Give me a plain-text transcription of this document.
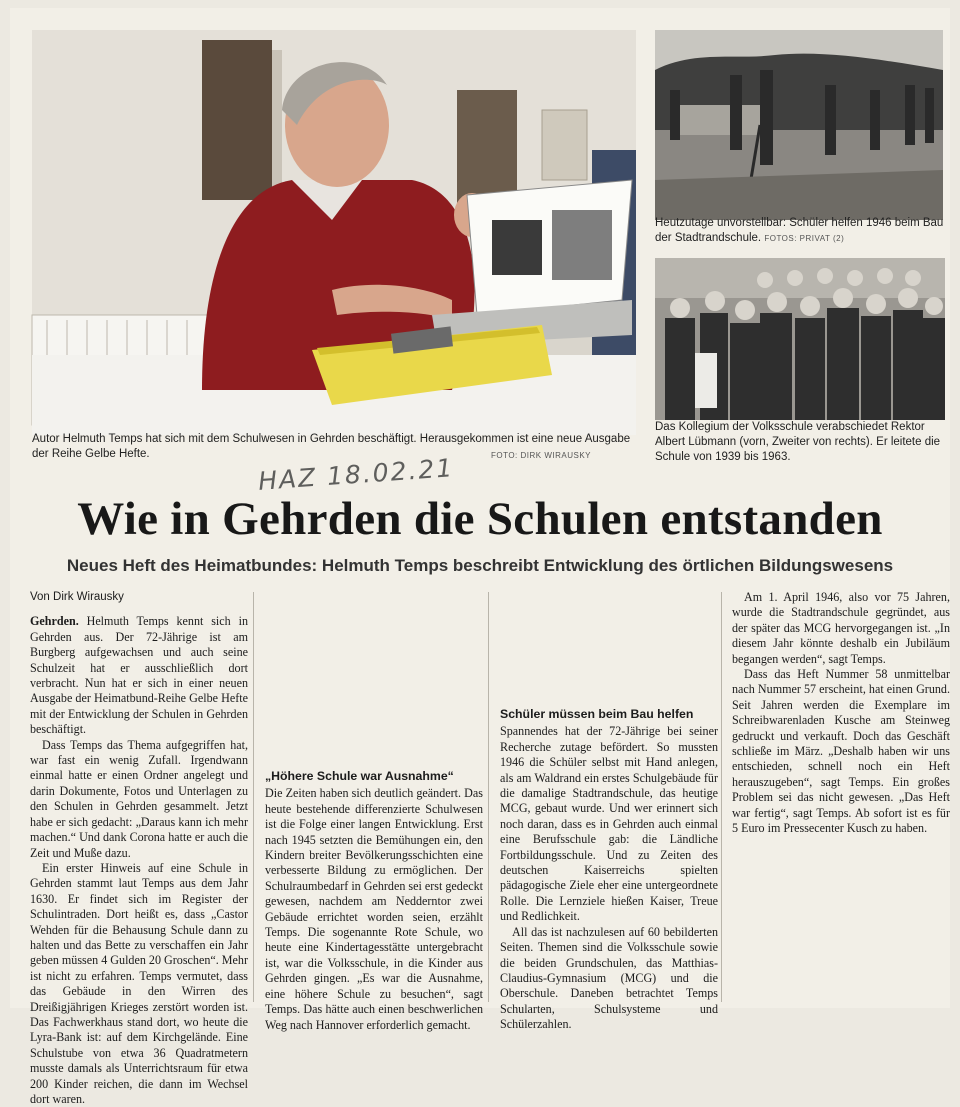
Autor Helmuth Temps hat sich mit dem Schulwesen in Gehrden beschäftigt. Herausgekommen ist eine neue Ausgabe der Reihe Gelbe Hefte.	FOTO: DIRK WIRAUSKY
Heutzutage unvorstellbar: Schüler helfen 1946 beim Bau der Stadtrandschule. FOTOS: PRIVAT (2)
Das Kollegium der Volksschule verabschiedet Rektor Albert Lübmann (vorn, Zweiter von rechts). Er leitete die Schule von 1939 bis 1963.
HAZ 18.02.21
Wie in Gehrden die Schulen entstanden
Neues Heft des Heimatbundes: Helmuth Temps beschreibt Entwicklung des örtlichen Bildungswesens

Von Dirk Wirausky

Gehrden. Helmuth Temps kennt sich in Gehrden aus. Der 72-Jährige ist am Burgberg aufgewachsen und auch seine Schulzeit hat er ausschließlich dort verbracht. Nun hat er sich in einer neuen Ausgabe der Heimatbund-Reihe Gelbe Hefte mit der Entwicklung der Schulen in Gehrden beschäftigt.

Dass Temps das Thema aufgegriffen hat, war fast ein wenig Zufall. Irgendwann einmal hatte er einen Ordner angelegt und darin Dokumente, Fotos und Unterlagen zu den Schulen in Gehrden gesammelt. Jetzt habe er sich gedacht: „Daraus kann ich mehr machen.“ Und dank Corona hatte er auch die Zeit und Muße dazu.

Ein erster Hinweis auf eine Schule in Gehrden stammt laut Temps aus dem Jahr 1630. Er findet sich im Register der Schulintraden. Dort heißt es, dass „Castor Wehden für die Behausung Schule dann zu halten und das Bette zu verschaffen ein Jahr geben müssen 4 Gulden 20 Groschen“. Mehr ist nicht zu erfahren. Temps vermutet, dass das Gebäude in den Wirren des Dreißigjährigen Krieges zerstört worden ist. Das Fachwerkhaus stand dort, wo heute die Lyra-Bank ist: auf dem Kirchgelände. Eine Schulstube von etwa 36 Quadratmetern musste damals als Unterrichtsraum für etwa 200 Kinder reichen, die dann im Wechsel dort waren.

„Höhere Schule war Ausnahme“

Die Zeiten haben sich deutlich geändert. Das heute bestehende differenzierte Schulwesen ist die Folge einer langen Entwicklung. Erst nach 1945 setzten die Bemühungen ein, den Kindern breiter Bevölkerungsschichten eine verbesserte Bildung zu ermöglichen. Der Schulraumbedarf in Gehrden sei erst gedeckt gewesen, nachdem am Nedderntor zwei Gebäude errichtet worden seien, erzählt Temps. Die sogenannte Rote Schule, wo heute eine Kindertagesstätte untergebracht ist, war die Volksschule, in die Kinder aus Gehrden gingen. „Es war die Ausnahme, eine höhere Schule zu besuchen“, sagt Temps. Das hätte auch einen beschwerlichen Weg nach Hannover erforderlich gemacht.

Schüler müssen beim Bau helfen

Spannendes hat der 72-Jährige bei seiner Recherche zutage befördert. So mussten 1946 die Schüler selbst mit Hand anlegen, als am Waldrand ein erstes Schulgebäude für die damalige Stadtrandschule, das heutige MCG, gebaut wurde. Und wer erinnert sich noch daran, dass es in Gehrden auch einmal eine Berufsschule gab: die Ländliche Fortbildungsschule. Und zu Zeiten des deutschen Kaiserreichs spielten pädagogische Ziele eher eine untergeordnete Rolle. Die Lernziele hießen Kaiser, Treue und Redlichkeit.

All das ist nachzulesen auf 60 bebilderten Seiten. Themen sind die Volksschule sowie die beiden Grundschulen, das Matthias-Claudius-Gymnasium (MCG) und die Oberschule. Daneben betrachtet Temps Schularten, Schulsysteme und Schülerzahlen.

Am 1. April 1946, also vor 75 Jahren, wurde die Stadtrandschule gegründet, aus der später das MCG hervorgegangen ist. „In diesem Jahr könnte deshalb ein Jubiläum begangen werden“, sagt Temps.

Dass das Heft Nummer 58 unmittelbar nach Nummer 57 erscheint, hat einen Grund. Seit Jahren werden die Exemplare im Schreibwarenladen Kusche am Steinweg gedruckt und verkauft. Doch das Geschäft schließe im März. „Deshalb haben wir uns entschieden, schnell noch ein Heft herauszugeben“, sagt Temps. Ein großes Problem sei das nicht gewesen. „Das Heft war fertig“, sagt Temps. Ab sofort ist es für 5 Euro im Pressecenter Kusch zu haben.
